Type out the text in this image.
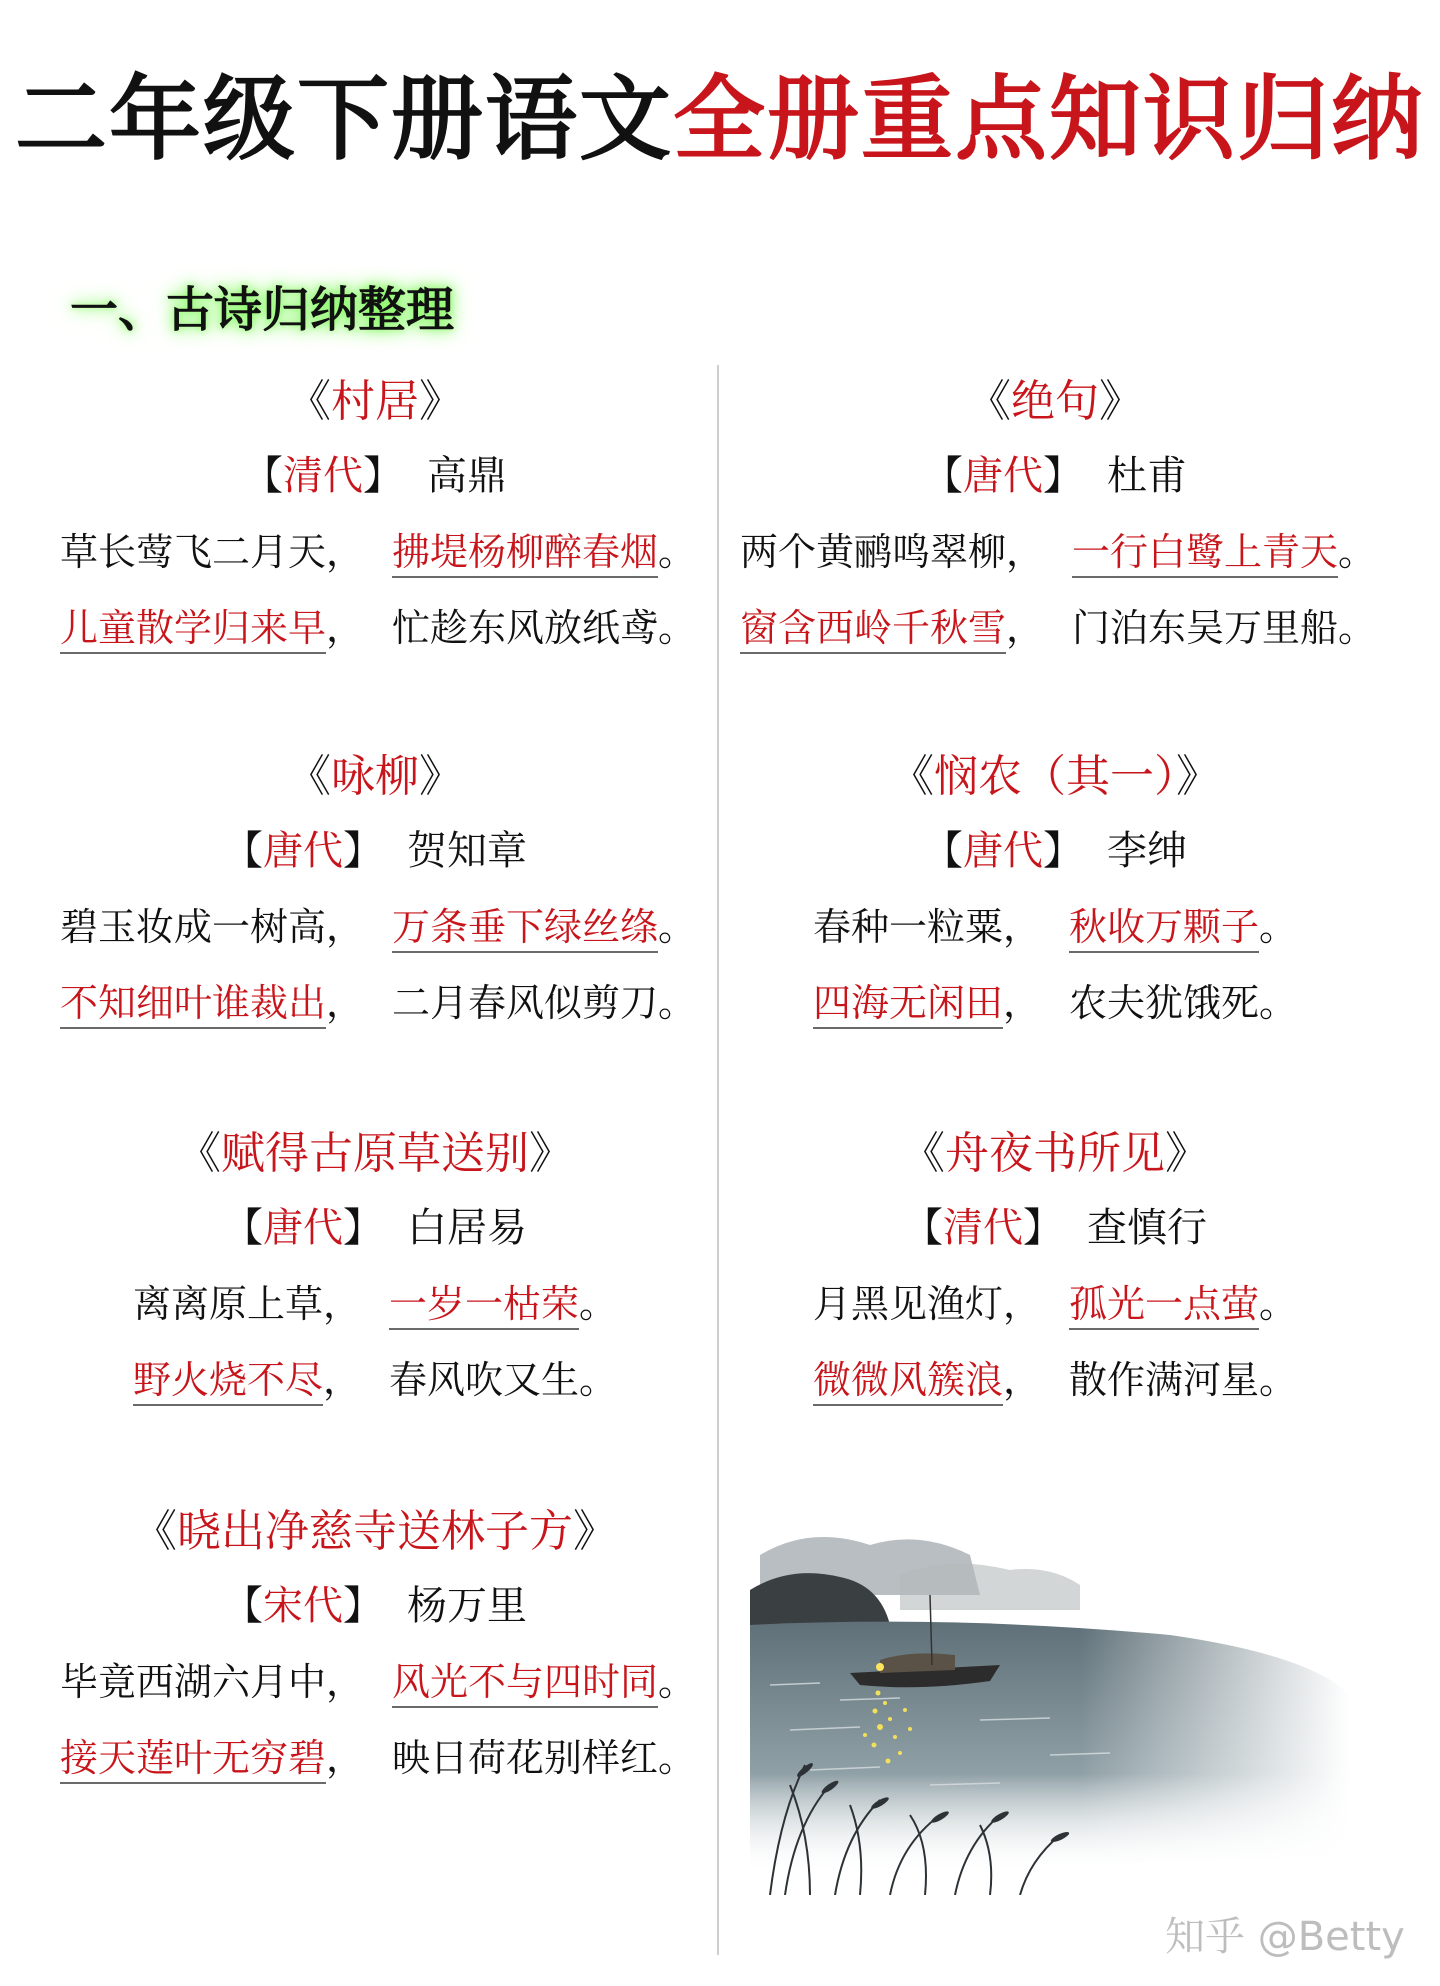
二年级下册语文全册重点知识归纳
一、古诗归纳整理
《村居》
【清代】 高鼎
草长莺飞二月天， 拂堤杨柳醉春烟。
儿童散学归来早， 忙趁东风放纸鸢。
《绝句》
【唐代】 杜甫
两个黄鹂鸣翠柳， 一行白鹭上青天。
窗含西岭千秋雪， 门泊东吴万里船。
《咏柳》
【唐代】 贺知章
碧玉妆成一树高， 万条垂下绿丝绦。
不知细叶谁裁出， 二月春风似剪刀。
《悯农（其一）》
【唐代】 李绅
春种一粒粟， 秋收万颗子。
四海无闲田， 农夫犹饿死。
《赋得古原草送别》
【唐代】 白居易
离离原上草， 一岁一枯荣。
野火烧不尽， 春风吹又生。
《舟夜书所见》
【清代】 查慎行
月黑见渔灯， 孤光一点萤。
微微风簇浪， 散作满河星。
《晓出净慈寺送林子方》
【宋代】 杨万里
毕竟西湖六月中， 风光不与四时同。
接天莲叶无穷碧， 映日荷花别样红。
知乎 @Betty
